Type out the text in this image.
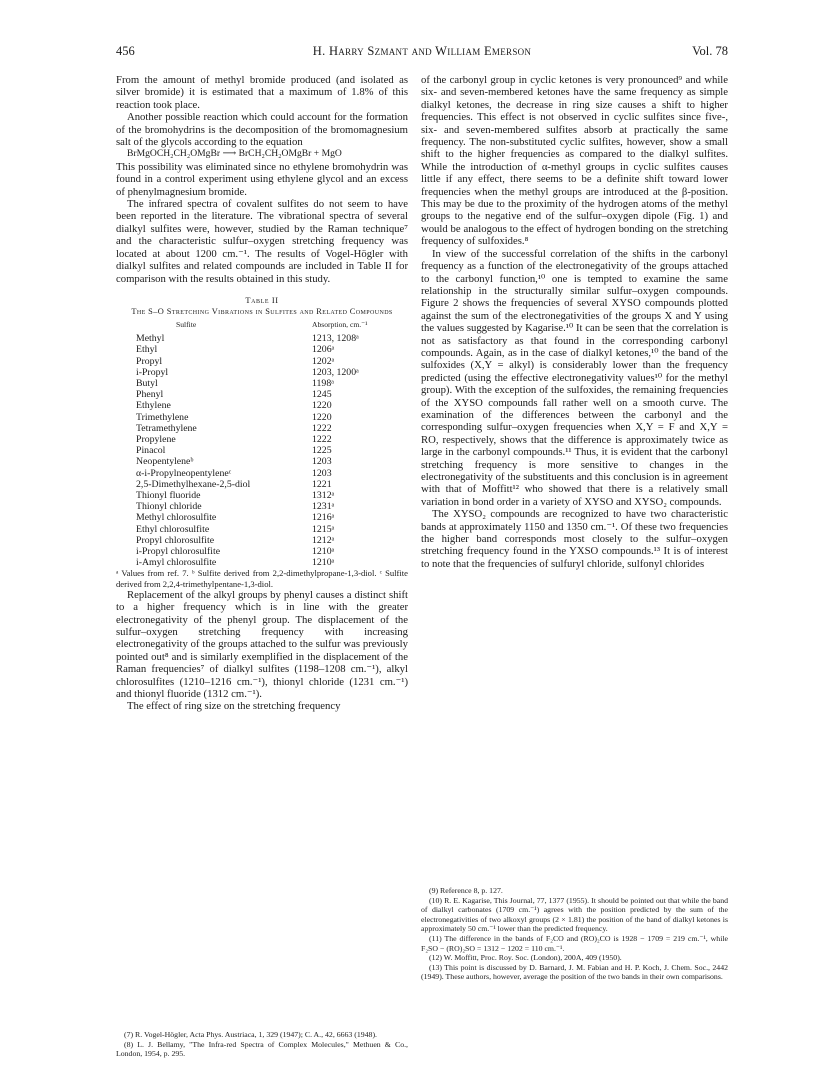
456	H. Harry Szmant and William Emerson	Vol. 78

From the amount of methyl bromide produced (and isolated as silver bromide) it is estimated that a maximum of 1.8% of this reaction took place.

Another possible reaction which could account for the formation of the bromohydrins is the decomposition of the bromomagnesium salt of the glycols according to the equation

BrMgOCH₂CH₂OMgBr ⟶ BrCH₂CH₂OMgBr + MgO

This possibility was eliminated since no ethylene bromohydrin was found in a control experiment using ethylene glycol and an excess of phenylmagnesium bromide.

The infrared spectra of covalent sulfites do not seem to have been reported in the literature. The vibrational spectra of several dialkyl sulfites were, however, studied by the Raman technique⁷ and the characteristic sulfur–oxygen stretching frequency was located at about 1200 cm.⁻¹. The results of Vogel-Högler with dialkyl sulfites and related compounds are included in Table II for comparison with the results obtained in this study.

Table II
The S–O Stretching Vibrations in Sulfites and Related Compounds
Sulfite	Absorption, cm.⁻¹
Methyl	1213, 1208ᵃ
Ethyl	1206ᵃ
Propyl	1202ᵃ
i-Propyl	1203, 1200ᵃ
Butyl	1198ᵃ
Phenyl	1245
Ethylene	1220
Trimethylene	1220
Tetramethylene	1222
Propylene	1222
Pinacol	1225
Neopentyleneᵇ	1203
α-i-Propylneopentyleneᶜ	1203
2,5-Dimethylhexane-2,5-diol	1221
Thionyl fluoride	1312ᵃ
Thionyl chloride	1231ᵃ
Methyl chlorosulfite	1216ᵃ
Ethyl chlorosulfite	1215ᵃ
Propyl chlorosulfite	1212ᵃ
i-Propyl chlorosulfite	1210ᵃ
i-Amyl chlorosulfite	1210ᵃ

ᵃ Values from ref. 7. ᵇ Sulfite derived from 2,2-dimethylpropane-1,3-diol. ᶜ Sulfite derived from 2,2,4-trimethylpentane-1,3-diol.

Replacement of the alkyl groups by phenyl causes a distinct shift to a higher frequency which is in line with the greater electronegativity of the phenyl group. The displacement of the sulfur–oxygen stretching frequency with increasing electronegativity of the groups attached to the sulfur was previously pointed out⁸ and is similarly exemplified in the displacement of the Raman frequencies⁷ of dialkyl sulfites (1198–1208 cm.⁻¹), alkyl chlorosulfites (1210–1216 cm.⁻¹), thionyl chloride (1231 cm.⁻¹) and thionyl fluoride (1312 cm.⁻¹).

The effect of ring size on the stretching frequency

(7) R. Vogel-Högler, Acta Phys. Austriaca, 1, 329 (1947); C. A., 42, 6663 (1948).

(8) L. J. Bellamy, "The Infra-red Spectra of Complex Molecules," Methuen & Co., London, 1954, p. 295.

of the carbonyl group in cyclic ketones is very pronounced⁹ and while six- and seven-membered ketones have the same frequency as simple dialkyl ketones, the decrease in ring size causes a shift to higher frequencies. This effect is not observed in cyclic sulfites since five-, six- and seven-membered sulfites absorb at practically the same frequency. The non-substituted cyclic sulfites, however, show a small shift to the higher frequencies as compared to the dialkyl sulfites. While the introduction of α-methyl groups in cyclic sulfites causes little if any effect, there seems to be a definite shift toward lower frequencies when the methyl groups are introduced at the β-position. This may be due to the proximity of the hydrogen atoms of the methyl groups to the negative end of the sulfur–oxygen dipole (Fig. 1) and would be analogous to the effect of hydrogen bonding on the stretching frequency of sulfoxides.⁸

In view of the successful correlation of the shifts in the carbonyl frequency as a function of the electronegativity of the groups attached to the carbonyl function,¹⁰ one is tempted to examine the same relationship in the structurally similar sulfur–oxygen compounds. Figure 2 shows the frequencies of several XYSO compounds plotted against the sum of the electronegativities of the groups X and Y using the values suggested by Kagarise.¹⁰ It can be seen that the correlation is not as satisfactory as that found in the corresponding carbonyl compounds. Again, as in the case of dialkyl ketones,¹⁰ the band of the sulfoxides (X,Y = alkyl) is considerably lower than the frequency predicted (using the effective electronegativity values¹⁰ for the methyl group). With the exception of the sulfoxides, the remaining frequencies of the XYSO compounds fall rather well on a smooth curve. The examination of the differences between the carbonyl and the corresponding sulfur–oxygen frequencies when X,Y = F and X,Y = RO, respectively, shows that the difference is approximately twice as large in the carbonyl compounds.¹¹ Thus, it is evident that the carbonyl stretching frequency is more sensitive to changes in the electronegativity of the substituents and this conclusion is in agreement with that of Moffitt¹² who showed that there is a relatively small variation in bond order in a variety of XYSO and XYSO₂ compounds.

The XYSO₂ compounds are recognized to have two characteristic bands at approximately 1150 and 1350 cm.⁻¹. Of these two frequencies the higher band corresponds most closely to the sulfur–oxygen stretching frequency found in the YXSO compounds.¹³ It is of interest to note that the frequencies of sulfuryl chloride, sulfonyl chlorides

(9) Reference 8, p. 127.

(10) R. E. Kagarise, This Journal, 77, 1377 (1955). It should be pointed out that while the band of dialkyl carbonates (1709 cm.⁻¹) agrees with the position predicted by the sum of the electronegativities of two alkoxyl groups (2 × 1.81) the position of the band of dialkyl ketones is approximately 50 cm.⁻¹ lower than the predicted frequency.

(11) The difference in the bands of F₂CO and (RO)₂CO is 1928 − 1709 = 219 cm.⁻¹, while F₂SO − (RO)₂SO = 1312 − 1202 = 110 cm.⁻¹.

(12) W. Moffitt, Proc. Roy. Soc. (London), 200A, 409 (1950).

(13) This point is discussed by D. Barnard, J. M. Fabian and H. P. Koch, J. Chem. Soc., 2442 (1949). These authors, however, average the position of the two bands in their own comparisons.
